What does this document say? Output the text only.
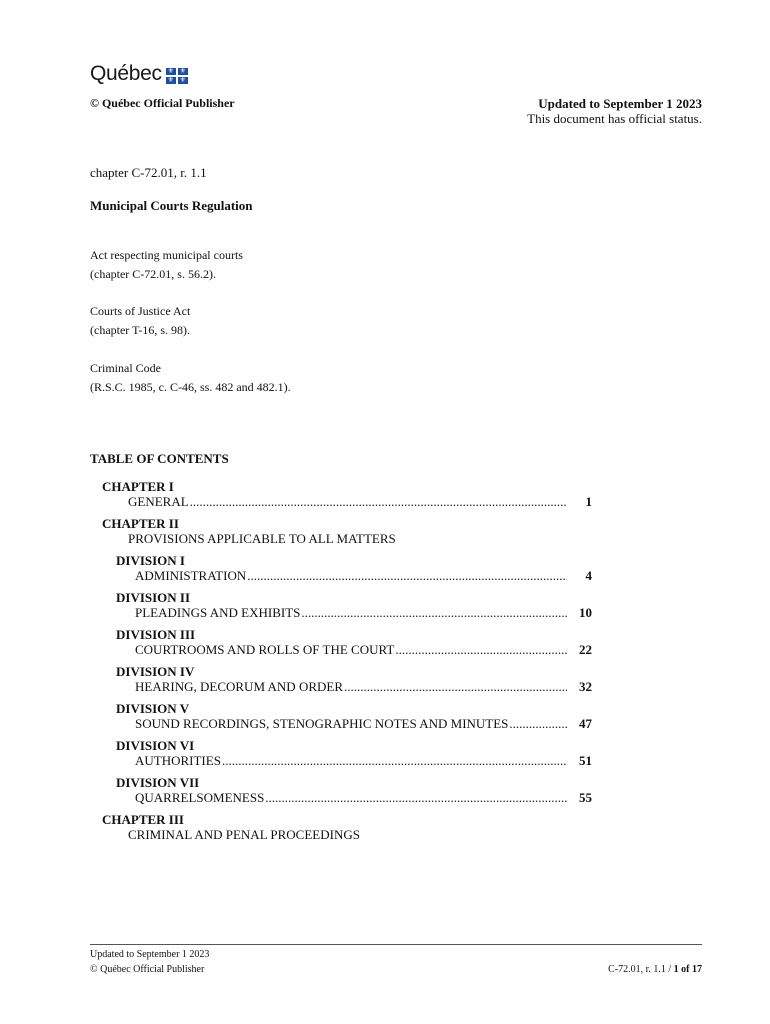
Québec ⚜ ⚜
⚜ ⚜
© Québec Official Publisher	Updated to September 1 2023
This document has official status.
chapter C-72.01, r. 1.1
Municipal Courts Regulation
Act respecting municipal courts
(chapter C-72.01, s. 56.2).
Courts of Justice Act
(chapter T-16, s. 98).
Criminal Code
(R.S.C. 1985, c. C-46, ss. 482 and 482.1).
TABLE OF CONTENTS
CHAPTER I
GENERAL .....	1
CHAPTER II
PROVISIONS APPLICABLE TO ALL MATTERS
DIVISION I
ADMINISTRATION .....	4
DIVISION II
PLEADINGS AND EXHIBITS .....	10
DIVISION III
COURTROOMS AND ROLLS OF THE COURT .....	22
DIVISION IV
HEARING, DECORUM AND ORDER .....	32
DIVISION V
SOUND RECORDINGS, STENOGRAPHIC NOTES AND MINUTES .....	47
DIVISION VI
AUTHORITIES .....	51
DIVISION VII
QUARRELSOMENESS .....	55
CHAPTER III
CRIMINAL AND PENAL PROCEEDINGS
Updated to September 1 2023
© Québec Official Publisher	C-72.01, r. 1.1 / 1 of 17
